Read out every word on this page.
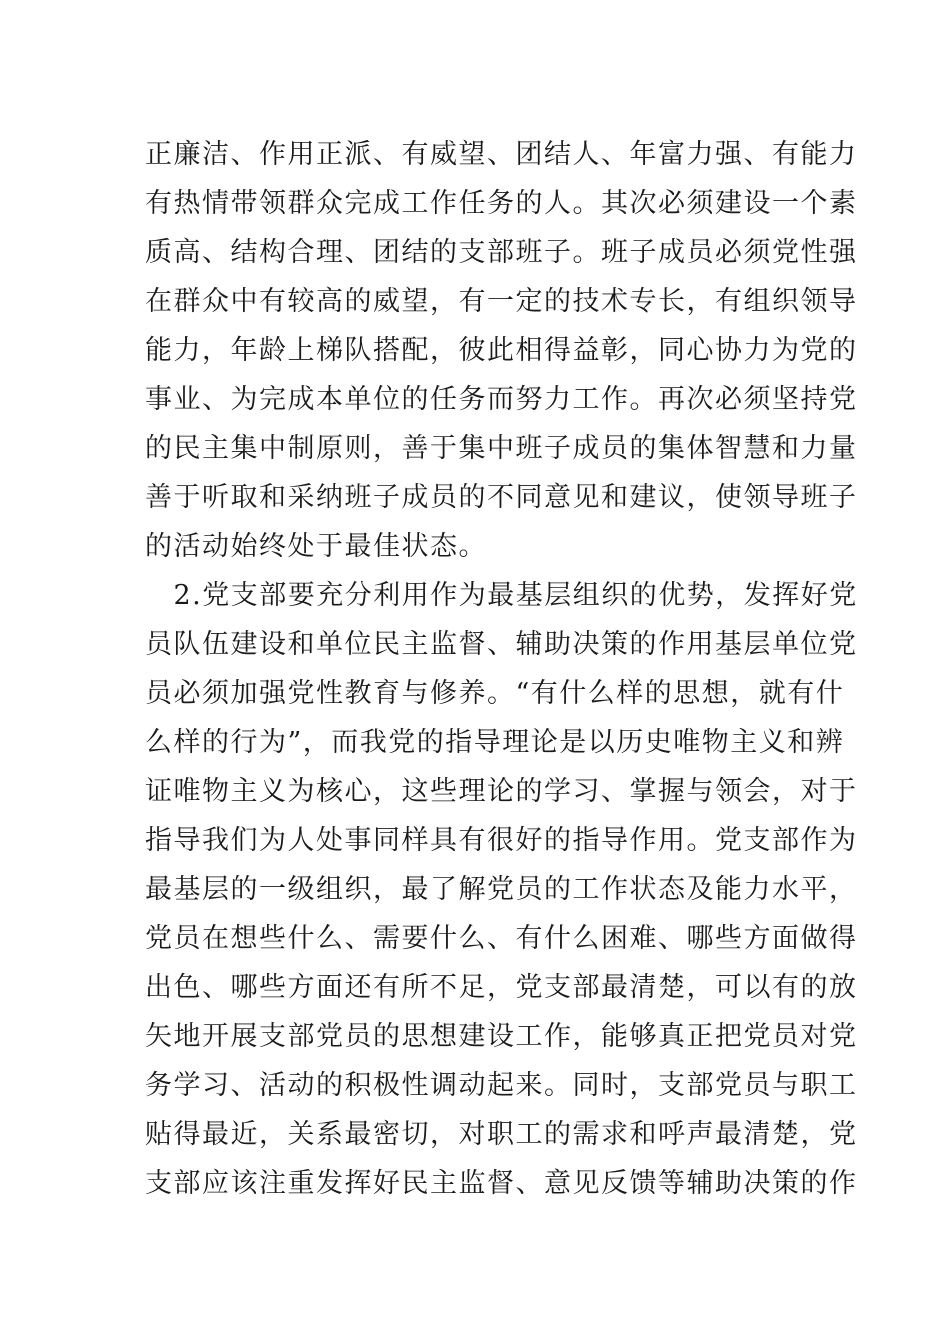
正廉洁、作用正派、有威望、团结人、年富力强、有能力
有热情带领群众完成工作任务的人。其次必须建设一个素
质高、结构合理、团结的支部班子。班子成员必须党性强
在群众中有较高的威望，有一定的技术专长，有组织领导
能力，年龄上梯队搭配，彼此相得益彰，同心协力为党的
事业、为完成本单位的任务而努力工作。再次必须坚持党
的民主集中制原则，善于集中班子成员的集体智慧和力量
善于听取和采纳班子成员的不同意见和建议，使领导班子
的活动始终处于最佳状态。
　2.党支部要充分利用作为最基层组织的优势，发挥好党
员队伍建设和单位民主监督、辅助决策的作用基层单位党
员必须加强党性教育与修养。“有什么样的思想，就有什
么样的行为”，而我党的指导理论是以历史唯物主义和辨
证唯物主义为核心，这些理论的学习、掌握与领会，对于
指导我们为人处事同样具有很好的指导作用。党支部作为
最基层的一级组织，最了解党员的工作状态及能力水平，
党员在想些什么、需要什么、有什么困难、哪些方面做得
出色、哪些方面还有所不足，党支部最清楚，可以有的放
矢地开展支部党员的思想建设工作，能够真正把党员对党
务学习、活动的积极性调动起来。同时，支部党员与职工
贴得最近，关系最密切，对职工的需求和呼声最清楚，党
支部应该注重发挥好民主监督、意见反馈等辅助决策的作
